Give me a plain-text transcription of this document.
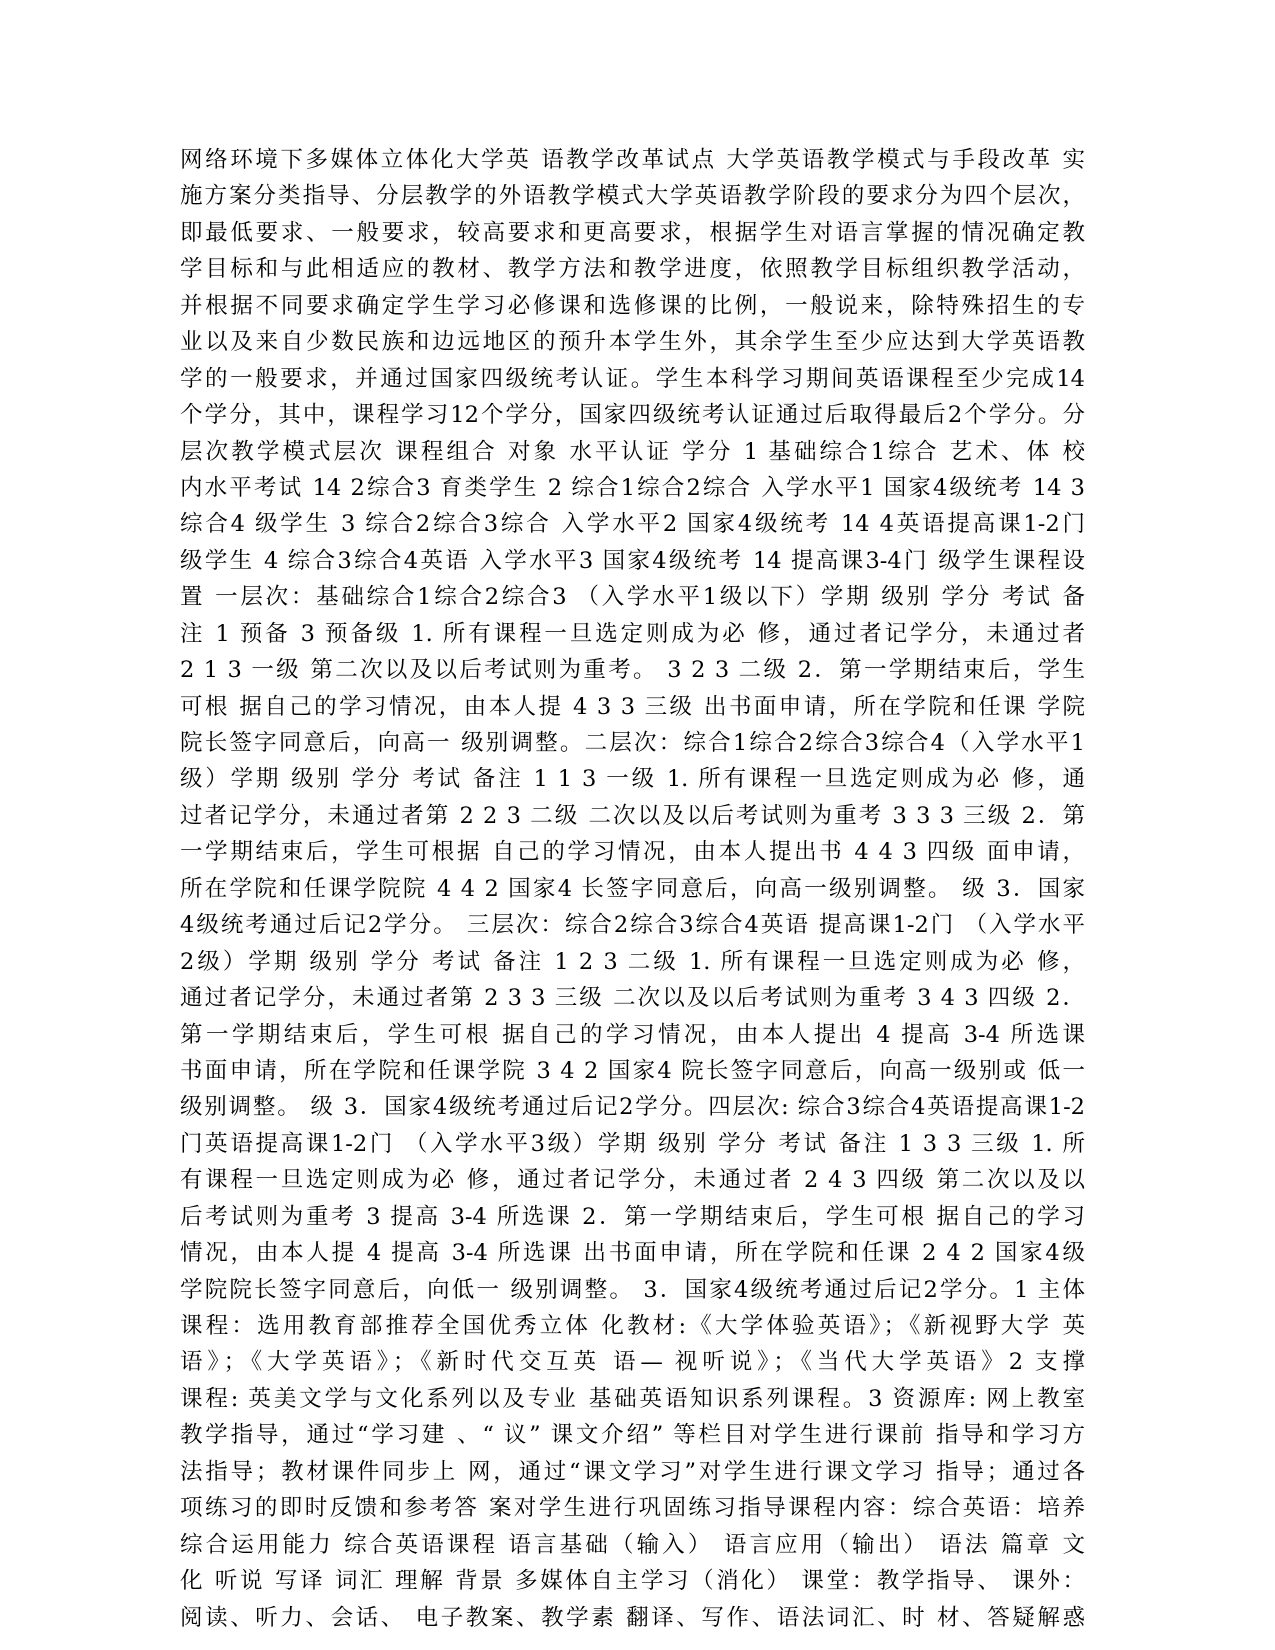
网络环境下多媒体立体化大学英 语教学改革试点 大学英语教学模式与手段改革 实
施方案分类指导、分层教学的外语教学模式大学英语教学阶段的要求分为四个层次，
即最低要求、一般要求，较高要求和更高要求，根据学生对语言掌握的情况确定教
学目标和与此相适应的教材、教学方法和教学进度，依照教学目标组织教学活动，
并根据不同要求确定学生学习必修课和选修课的比例，一般说来，除特殊招生的专
业以及来自少数民族和边远地区的预升本学生外，其余学生至少应达到大学英语教
学的一般要求，并通过国家四级统考认证。学生本科学习期间英语课程至少完成14
个学分，其中，课程学习12个学分，国家四级统考认证通过后取得最后2个学分。分
层次教学模式层次 课程组合 对象 水平认证 学分 1 基础综合1综合 艺术、体 校
内水平考试 14 2综合3 育类学生 2 综合1综合2综合 入学水平1 国家4级统考 14 3
综合4 级学生 3 综合2综合3综合 入学水平2 国家4级统考 14 4英语提高课1-2门
级学生 4 综合3综合4英语 入学水平3 国家4级统考 14 提高课3-4门 级学生课程设
置 一层次：基础综合1综合2综合3 （入学水平1级以下）学期 级别 学分 考试 备
注 1 预备 3 预备级 1. 所有课程一旦选定则成为必 修，通过者记学分，未通过者
2 1 3 一级 第二次以及以后考试则为重考。 3 2 3 二级 2．第一学期结束后，学生
可根 据自己的学习情况，由本人提 4 3 3 三级 出书面申请，所在学院和任课 学院
院长签字同意后，向高一 级别调整。二层次：综合1综合2综合3综合4（入学水平1
级）学期 级别 学分 考试 备注 1 1 3 一级 1. 所有课程一旦选定则成为必 修，通
过者记学分，未通过者第 2 2 3 二级 二次以及以后考试则为重考 3 3 3 三级 2．第
一学期结束后，学生可根据 自己的学习情况，由本人提出书 4 4 3 四级 面申请，
所在学院和任课学院院 4 4 2 国家4 长签字同意后，向高一级别调整。 级 3．国家
4级统考通过后记2学分。 三层次：综合2综合3综合4英语 提高课1-2门 （入学水平
2级）学期 级别 学分 考试 备注 1 2 3 二级 1. 所有课程一旦选定则成为必 修，
通过者记学分，未通过者第 2 3 3 三级 二次以及以后考试则为重考 3 4 3 四级 2．
第一学期结束后，学生可根 据自己的学习情况，由本人提出 4 提高 3-4 所选课
书面申请，所在学院和任课学院 3 4 2 国家4 院长签字同意后，向高一级别或 低一
级别调整。 级 3．国家4级统考通过后记2学分。四层次: 综合3综合4英语提高课1-2
门英语提高课1-2门 （入学水平3级）学期 级别 学分 考试 备注 1 3 3 三级 1. 所
有课程一旦选定则成为必 修，通过者记学分，未通过者 2 4 3 四级 第二次以及以
后考试则为重考 3 提高 3-4 所选课 2．第一学期结束后，学生可根 据自己的学习
情况，由本人提 4 提高 3-4 所选课 出书面申请，所在学院和任课 2 4 2 国家4级
学院院长签字同意后，向低一 级别调整。 3．国家4级统考通过后记2学分。1 主体
课程：选用教育部推荐全国优秀立体 化教材:《大学体验英语》；《新视野大学 英
语》；《大学英语》；《新时代交互英 语— 视听说》；《当代大学英语》2 支撑
课程: 英美文学与文化系列以及专业 基础英语知识系列课程。3 资源库: 网上教室
教学指导，通过“学习建 、“ 议” 课文介绍” 等栏目对学生进行课前 指导和学习方
法指导；教材课件同步上 网，通过“课文学习”对学生进行课文学习 指导；通过各
项练习的即时反馈和参考答 案对学生进行巩固练习指导课程内容：综合英语：培养
综合运用能力 综合英语课程 语言基础（输入） 语言应用（输出） 语法 篇章 文
化 听说 写译 词汇 理解 背景 多媒体自主学习（消化） 课堂：教学指导、 课外：
阅读、听力、会话、 电子教案、教学素 翻译、写作、语法词汇、时 材、答疑解惑
